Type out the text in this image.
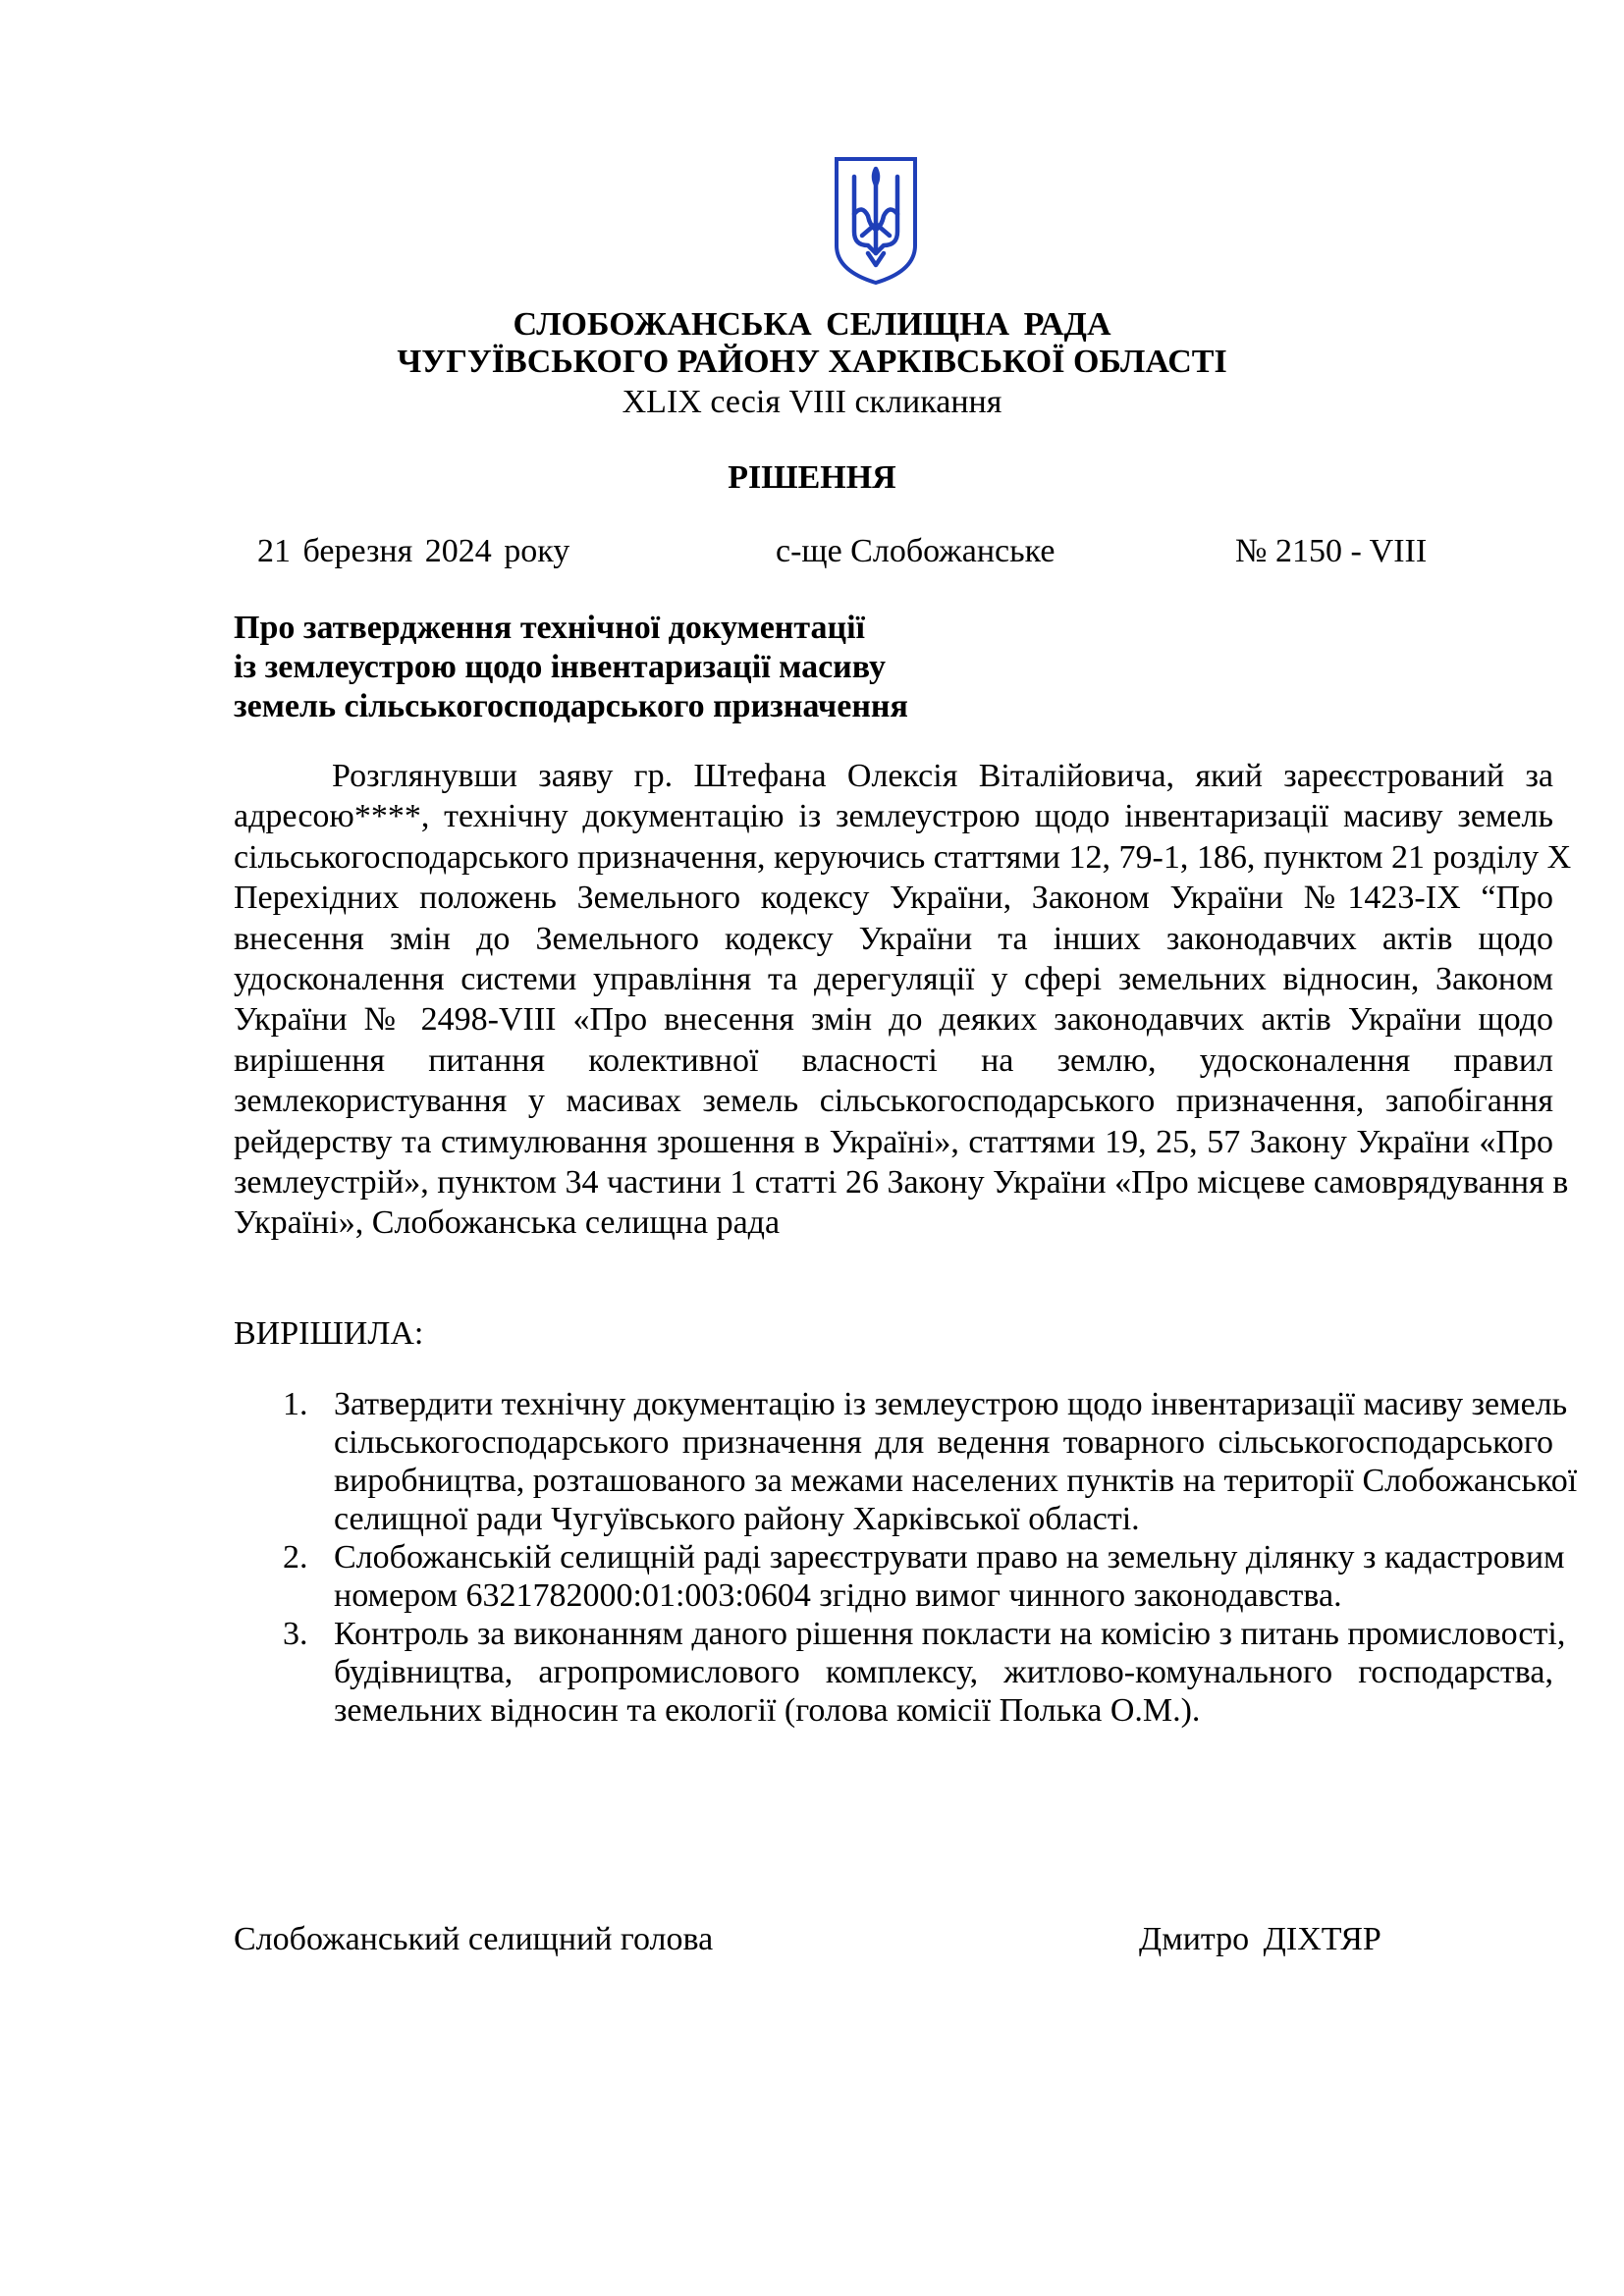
СЛОБОЖАНСЬКА СЕЛИЩНА РАДА
ЧУГУЇВСЬКОГО РАЙОНУ ХАРКІВСЬКОЇ ОБЛАСТІ
XLIX сесія VIII скликання
РІШЕННЯ
21 березня 2024 року	с-ще Слобожанське	№ 2150 - VIII
Про затвердження технічної документації
із землеустрою щодо інвентаризації масиву
земель сільськогосподарського призначення
Розглянувши заяву гр. Штефана Олексія Віталійовича, який зареєстрований за
адресою****, технічну документацію із землеустрою щодо інвентаризації масиву земель
сільськогосподарського призначення, керуючись статтями 12, 79-1, 186, пунктом 21 розділу Х
Перехідних положень Земельного кодексу України, Законом України №1423-ІХ “Про
внесення змін до Земельного кодексу України та інших законодавчих актів щодо
удосконалення системи управління та дерегуляції у сфері земельних відносин, Законом
України № 2498-VIII «Про внесення змін до деяких законодавчих актів України щодо
вирішення питання колективної власності на землю, удосконалення правил
землекористування у масивах земель сільськогосподарського призначення, запобігання
рейдерству та стимулювання зрошення в Україні», статтями 19, 25, 57 Закону України «Про
землеустрій», пунктом 34 частини 1 статті 26 Закону України «Про місцеве самоврядування в
Україні», Слобожанська селищна рада
ВИРІШИЛА:
1. Затвердити технічну документацію із землеустрою щодо інвентаризації масиву земель
сільськогосподарського призначення для ведення товарного сільськогосподарського
виробництва, розташованого за межами населених пунктів на території Слобожанської
селищної ради Чугуївського району Харківської області.
2. Слобожанській селищній раді зареєструвати право на земельну ділянку з кадастровим
номером 6321782000:01:003:0604 згідно вимог чинного законодавства.
3. Контроль за виконанням даного рішення покласти на комісію з питань промисловості,
будівництва, агропромислового комплексу, житлово-комунального господарства,
земельних відносин та екології (голова комісії Полька О.М.).
Слобожанський селищний голова	Дмитро ДІХТЯР
